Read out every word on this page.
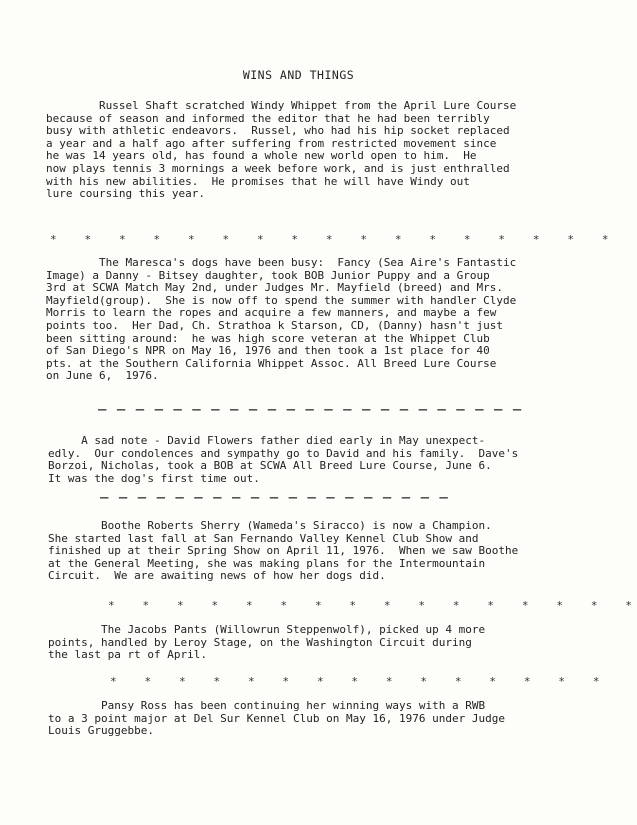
WINS AND THINGS
Russel Shaft scratched Windy Whippet from the April Lure Course
because of season and informed the editor that he had been terribly
busy with athletic endeavors.  Russel, who had his hip socket replaced
a year and a half ago after suffering from restricted movement since
he was 14 years old, has found a whole new world open to him.  He
now plays tennis 3 mornings a week before work, and is just enthralled
with his new abilities.  He promises that he will have Windy out
lure coursing this year.
*   *   *   *   *   *   *   *   *   *   *   *   *   *   *   *   *
The Maresca's dogs have been busy:  Fancy (Sea Aire's Fantastic
Image) a Danny - Bitsey daughter, took BOB Junior Puppy and a Group
3rd at SCWA Match May 2nd, under Judges Mr. Mayfield (breed) and Mrs.
Mayfield(group).  She is now off to spend the summer with handler Clyde
Morris to learn the ropes and acquire a few manners, and maybe a few
points too.  Her Dad, Ch. Strathoa k Starson, CD, (Danny) hasn't just
been sitting around:  he was high score veteran at the Whippet Club
of San Diego's NPR on May 16, 1976 and then took a 1st place for 40
pts. at the Southern California Whippet Assoc. All Breed Lure Course
on June 6,  1976.
_ _ _ _ _ _ _ _ _ _ _ _ _ _ _ _ _ _ _ _ _ _ _
A sad note - David Flowers father died early in May unexpect-
edly.  Our condolences and sympathy go to David and his family.  Dave's
Borzoi, Nicholas, took a BOB at SCWA All Breed Lure Course, June 6.
It was the dog's first time out.
_ _ _ _ _ _ _ _ _ _ _ _ _ _ _ _ _ _ _
Boothe Roberts Sherry (Wameda's Siracco) is now a Champion.
She started last fall at San Fernando Valley Kennel Club Show and
finished up at their Spring Show on April 11, 1976.  When we saw Boothe
at the General Meeting, she was making plans for the Intermountain
Circuit.  We are awaiting news of how her dogs did.
*   *   *   *   *   *   *   *   *   *   *   *   *   *   *   *
The Jacobs Pants (Willowrun Steppenwolf), picked up 4 more
points, handled by Leroy Stage, on the Washington Circuit during
the last pa rt of April.
*   *   *   *   *   *   *   *   *   *   *   *   *   *   *
Pansy Ross has been continuing her winning ways with a RWB
to a 3 point major at Del Sur Kennel Club on May 16, 1976 under Judge
Louis Gruggebbe.
